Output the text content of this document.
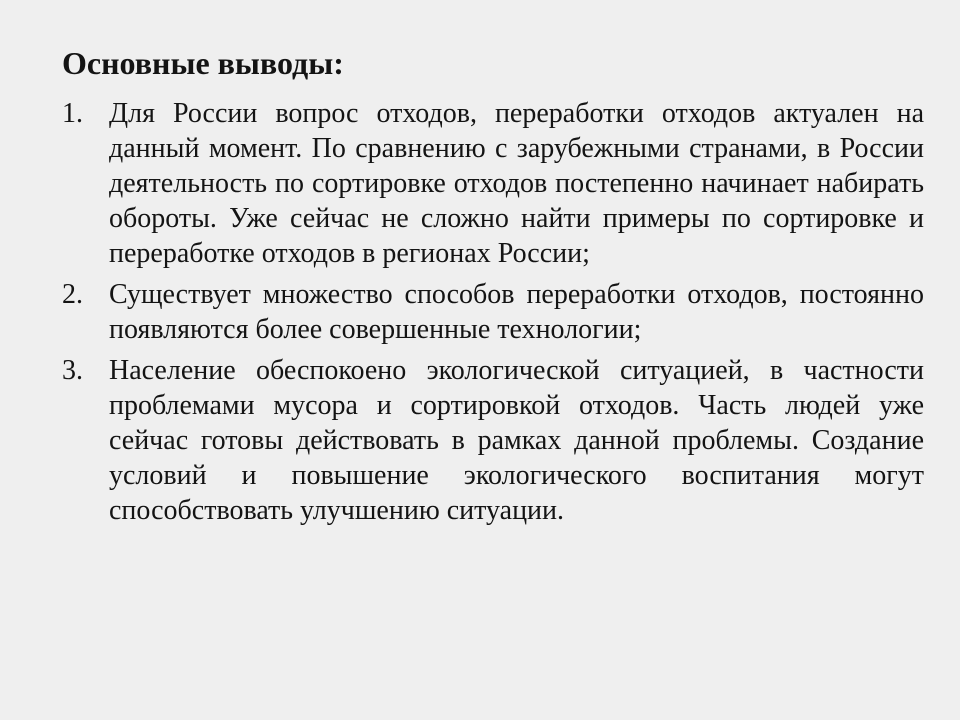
Основные выводы:
1. Для России вопрос отходов, переработки отходов актуален на данный момент. По сравнению с зарубежными странами, в России деятельность по сортировке отходов постепенно начинает набирать обороты. Уже сейчас не сложно найти примеры по сортировке и переработке отходов в регионах России;
2. Существует множество способов переработки отходов, постоянно появляются более совершенные технологии;
3. Население обеспокоено экологической ситуацией, в частности проблемами мусора и сортировкой отходов. Часть людей уже сейчас готовы действовать в рамках данной проблемы. Создание условий и повышение экологического воспитания могут способствовать улучшению ситуации.
